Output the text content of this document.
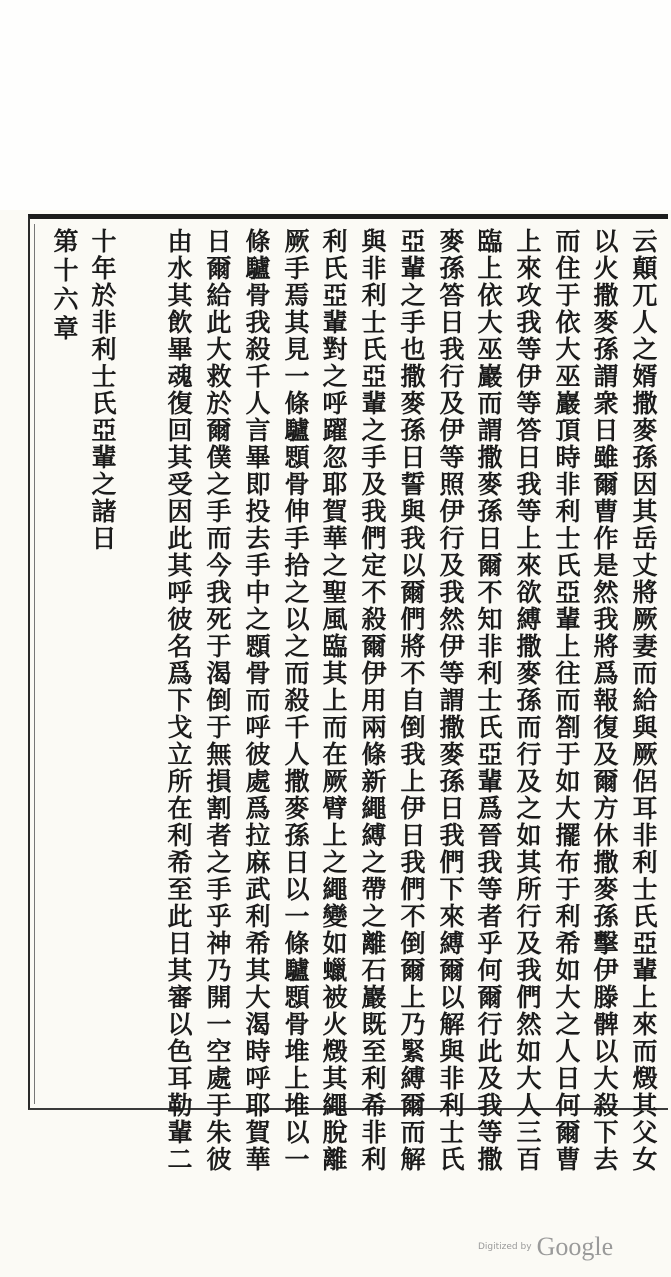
云顛兀人之婿撒麥孫因其岳丈將厥妻而給與厥侶耳非利士氏亞輩上來而燬其父女
以火撒麥孫謂衆日雖爾曹作是然我將爲報復及爾方休撒麥孫擊伊滕髀以大殺下去
而住于依大巫巖頂時非利士氏亞輩上往而劄于如大擺布于利希如大之人日何爾曹
上來攻我等伊等答日我等上來欲縛撒麥孫而行及之如其所行及我們然如大人三百
臨上依大巫巖而謂撒麥孫日爾不知非利士氏亞輩爲晉我等者乎何爾行此及我等撒
麥孫答日我行及伊等照伊行及我然伊等謂撒麥孫日我們下來縛爾以解與非利士氏
亞輩之手也撒麥孫日誓與我以爾們將不自倒我上伊日我們不倒爾上乃緊縛爾而解
與非利士氏亞輩之手及我們定不殺爾伊用兩條新繩縛之帶之離石巖既至利希非利
利氏亞輩對之呼躍忽耶賀華之聖風臨其上而在厥臂上之繩變如蠟被火燬其繩脫離
厥手焉其見一條驢顋骨伸手拾之以之而殺千人撒麥孫日以一條驢顋骨堆上堆以一
條驢骨我殺千人言畢即投去手中之顋骨而呼彼處爲拉麻武利希其大渴時呼耶賀華
日爾給此大救於爾僕之手而今我死于渴倒于無損割者之手乎神乃開一空處于朱彼
由水其飲畢魂復回其受因此其呼彼名爲下戈立所在利希至此日其審以色耳勒輩二
十年於非利士氏亞輩之諸日
第十六章
Digitized by Google
